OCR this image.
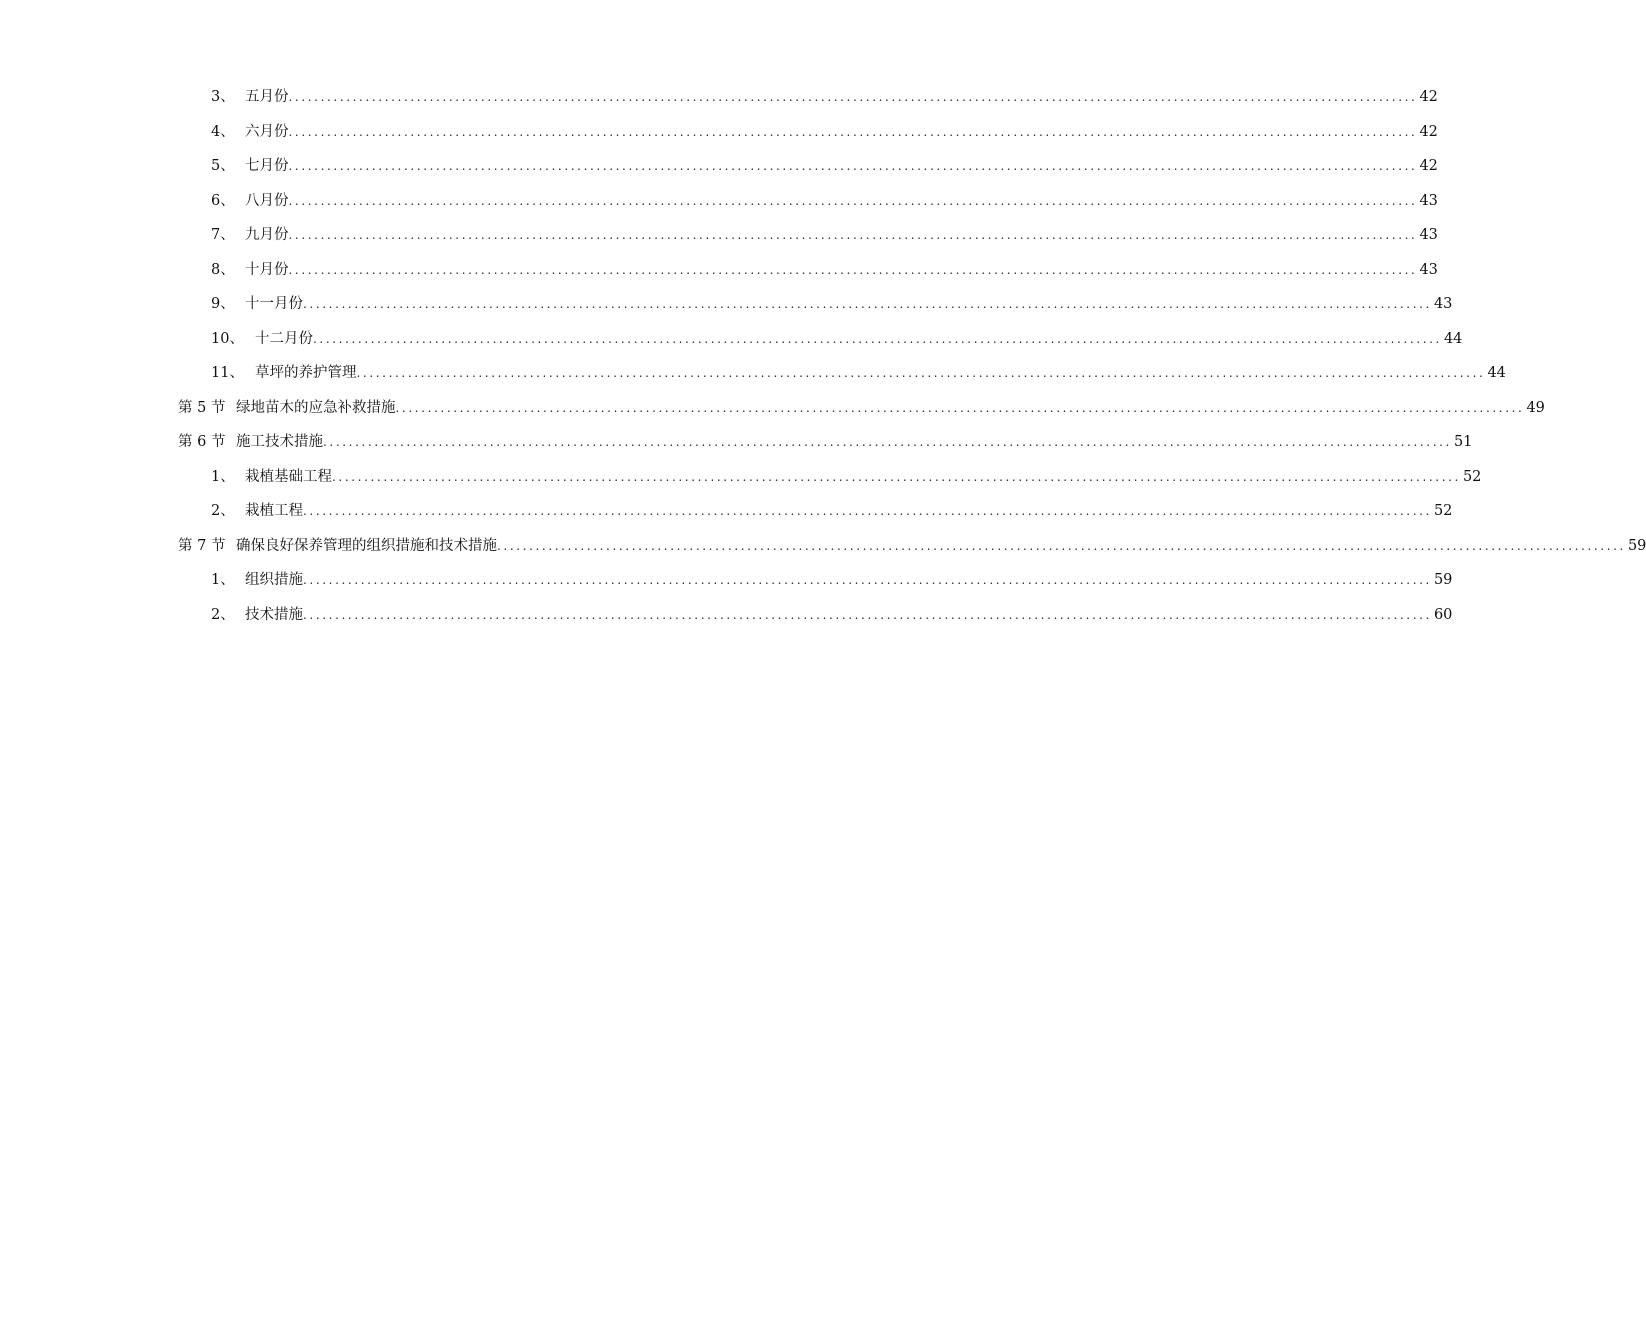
3、 五月份 ................................................................................................................................................................................ 42
4、 六月份 ................................................................................................................................................................................ 42
5、 七月份 ................................................................................................................................................................................ 42
6、 八月份 ................................................................................................................................................................................ 43
7、 九月份 ................................................................................................................................................................................ 43
8、 十月份 ................................................................................................................................................................................ 43
9、 十一月份 ................................................................................................................................................................................ 43
10、 十二月份 ................................................................................................................................................................................ 44
11、 草坪的养护管理 ................................................................................................................................................................................ 44
第 5 节 绿地苗木的应急补救措施 ................................................................................................................................................................................ 49
第 6 节 施工技术措施 ................................................................................................................................................................................ 51
1、 栽植基础工程 ................................................................................................................................................................................ 52
2、 栽植工程 ................................................................................................................................................................................ 52
第 7 节 确保良好保养管理的组织措施和技术措施 ................................................................................................................................................................................ 59
1、 组织措施 ................................................................................................................................................................................ 59
2、 技术措施 ................................................................................................................................................................................ 60
